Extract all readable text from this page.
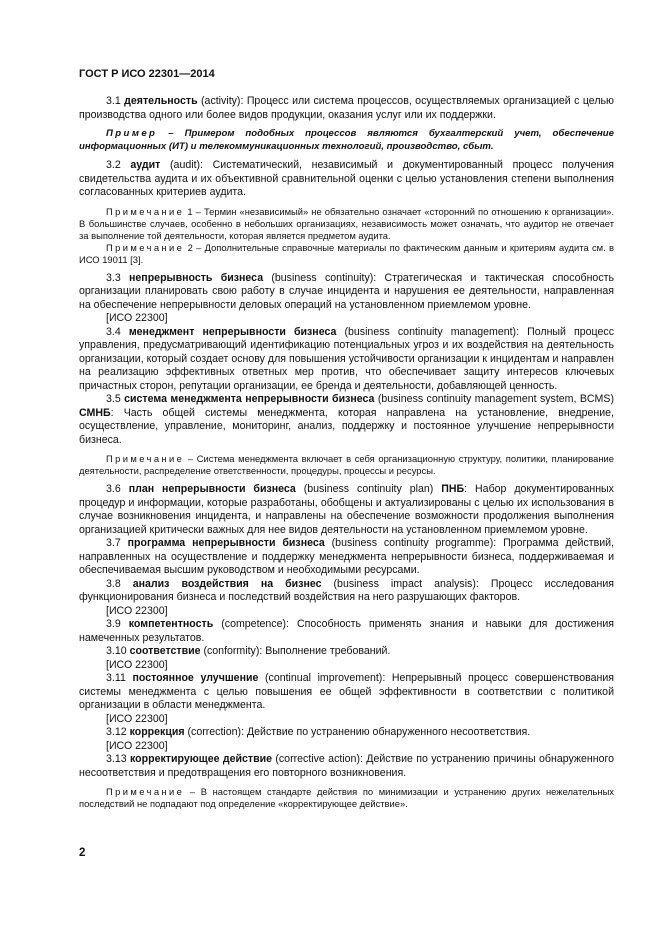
ГОСТ Р ИСО 22301—2014

3.1 деятельность (activity): Процесс или система процессов, осуществляемых организацией с целью производства одного или более видов продукции, оказания услуг или их поддержки.

Пример – Примером подобных процессов являются бухгалтерский учет, обеспечение информационных (ИТ) и телекоммуникационных технологий, производство, сбыт.

3.2 аудит (audit): Систематический, независимый и документированный процесс получения свидетельства аудита и их объективной сравнительной оценки с целью установления степени выполнения согласованных критериев аудита.

Примечание 1 – Термин «независимый» не обязательно означает «сторонний по отношению к организации». В большинстве случаев, особенно в небольших организациях, независимость может означать, что аудитор не отвечает за выполнение той деятельности, которая является предметом аудита.

Примечание 2 – Дополнительные справочные материалы по фактическим данным и критериям аудита см. в ИСО 19011 [3].

3.3 непрерывность бизнеса (business continuity): Стратегическая и тактическая способность организации планировать свою работу в случае инцидента и нарушения ее деятельности, направленная на обеспечение непрерывности деловых операций на установленном приемлемом уровне.

[ИСО 22300]

3.4 менеджмент непрерывности бизнеса (business continuity management): Полный процесс управления, предусматривающий идентификацию потенциальных угроз и их воздействия на деятельность организации, который создает основу для повышения устойчивости организации к инцидентам и направлен на реализацию эффективных ответных мер против, что обеспечивает защиту интересов ключевых причастных сторон, репутации организации, ее бренда и деятельности, добавляющей ценность.

3.5 система менеджмента непрерывности бизнеса (business continuity management system, BCMS) СМНБ: Часть общей системы менеджмента, которая направлена на установление, внедрение, осуществление, управление, мониторинг, анализ, поддержку и постоянное улучшение непрерывности бизнеса.

Примечание – Система менеджмента включает в себя организационную структуру, политики, планирование деятельности, распределение ответственности, процедуры, процессы и ресурсы.

3.6 план непрерывности бизнеса (business continuity plan) ПНБ: Набор документированных процедур и информации, которые разработаны, обобщены и актуализированы с целью их использования в случае возникновения инцидента, и направлены на обеспечение возможности продолжения выполнения организацией критически важных для нее видов деятельности на установленном приемлемом уровне.

3.7 программа непрерывности бизнеса (business continuity programme): Программа действий, направленных на осуществление и поддержку менеджмента непрерывности бизнеса, поддерживаемая и обеспечиваемая высшим руководством и необходимыми ресурсами.

3.8 анализ воздействия на бизнес (business impact analysis): Процесс исследования функционирования бизнеса и последствий воздействия на него разрушающих факторов.

[ИСО 22300]

3.9 компетентность (competence): Способность применять знания и навыки для достижения намеченных результатов.

3.10 соответствие (conformity): Выполнение требований.

[ИСО 22300]

3.11 постоянное улучшение (continual improvement): Непрерывный процесс совершенствования системы менеджмента с целью повышения ее общей эффективности в соответствии с политикой организации в области менеджмента.

[ИСО 22300]

3.12 коррекция (correction): Действие по устранению обнаруженного несоответствия.

[ИСО 22300]

3.13 корректирующее действие (corrective action): Действие по устранению причины обнаруженного несоответствия и предотвращения его повторного возникновения.

Примечание – В настоящем стандарте действия по минимизации и устранению других нежелательных последствий не подпадают под определение «корректирующее действие».

2
